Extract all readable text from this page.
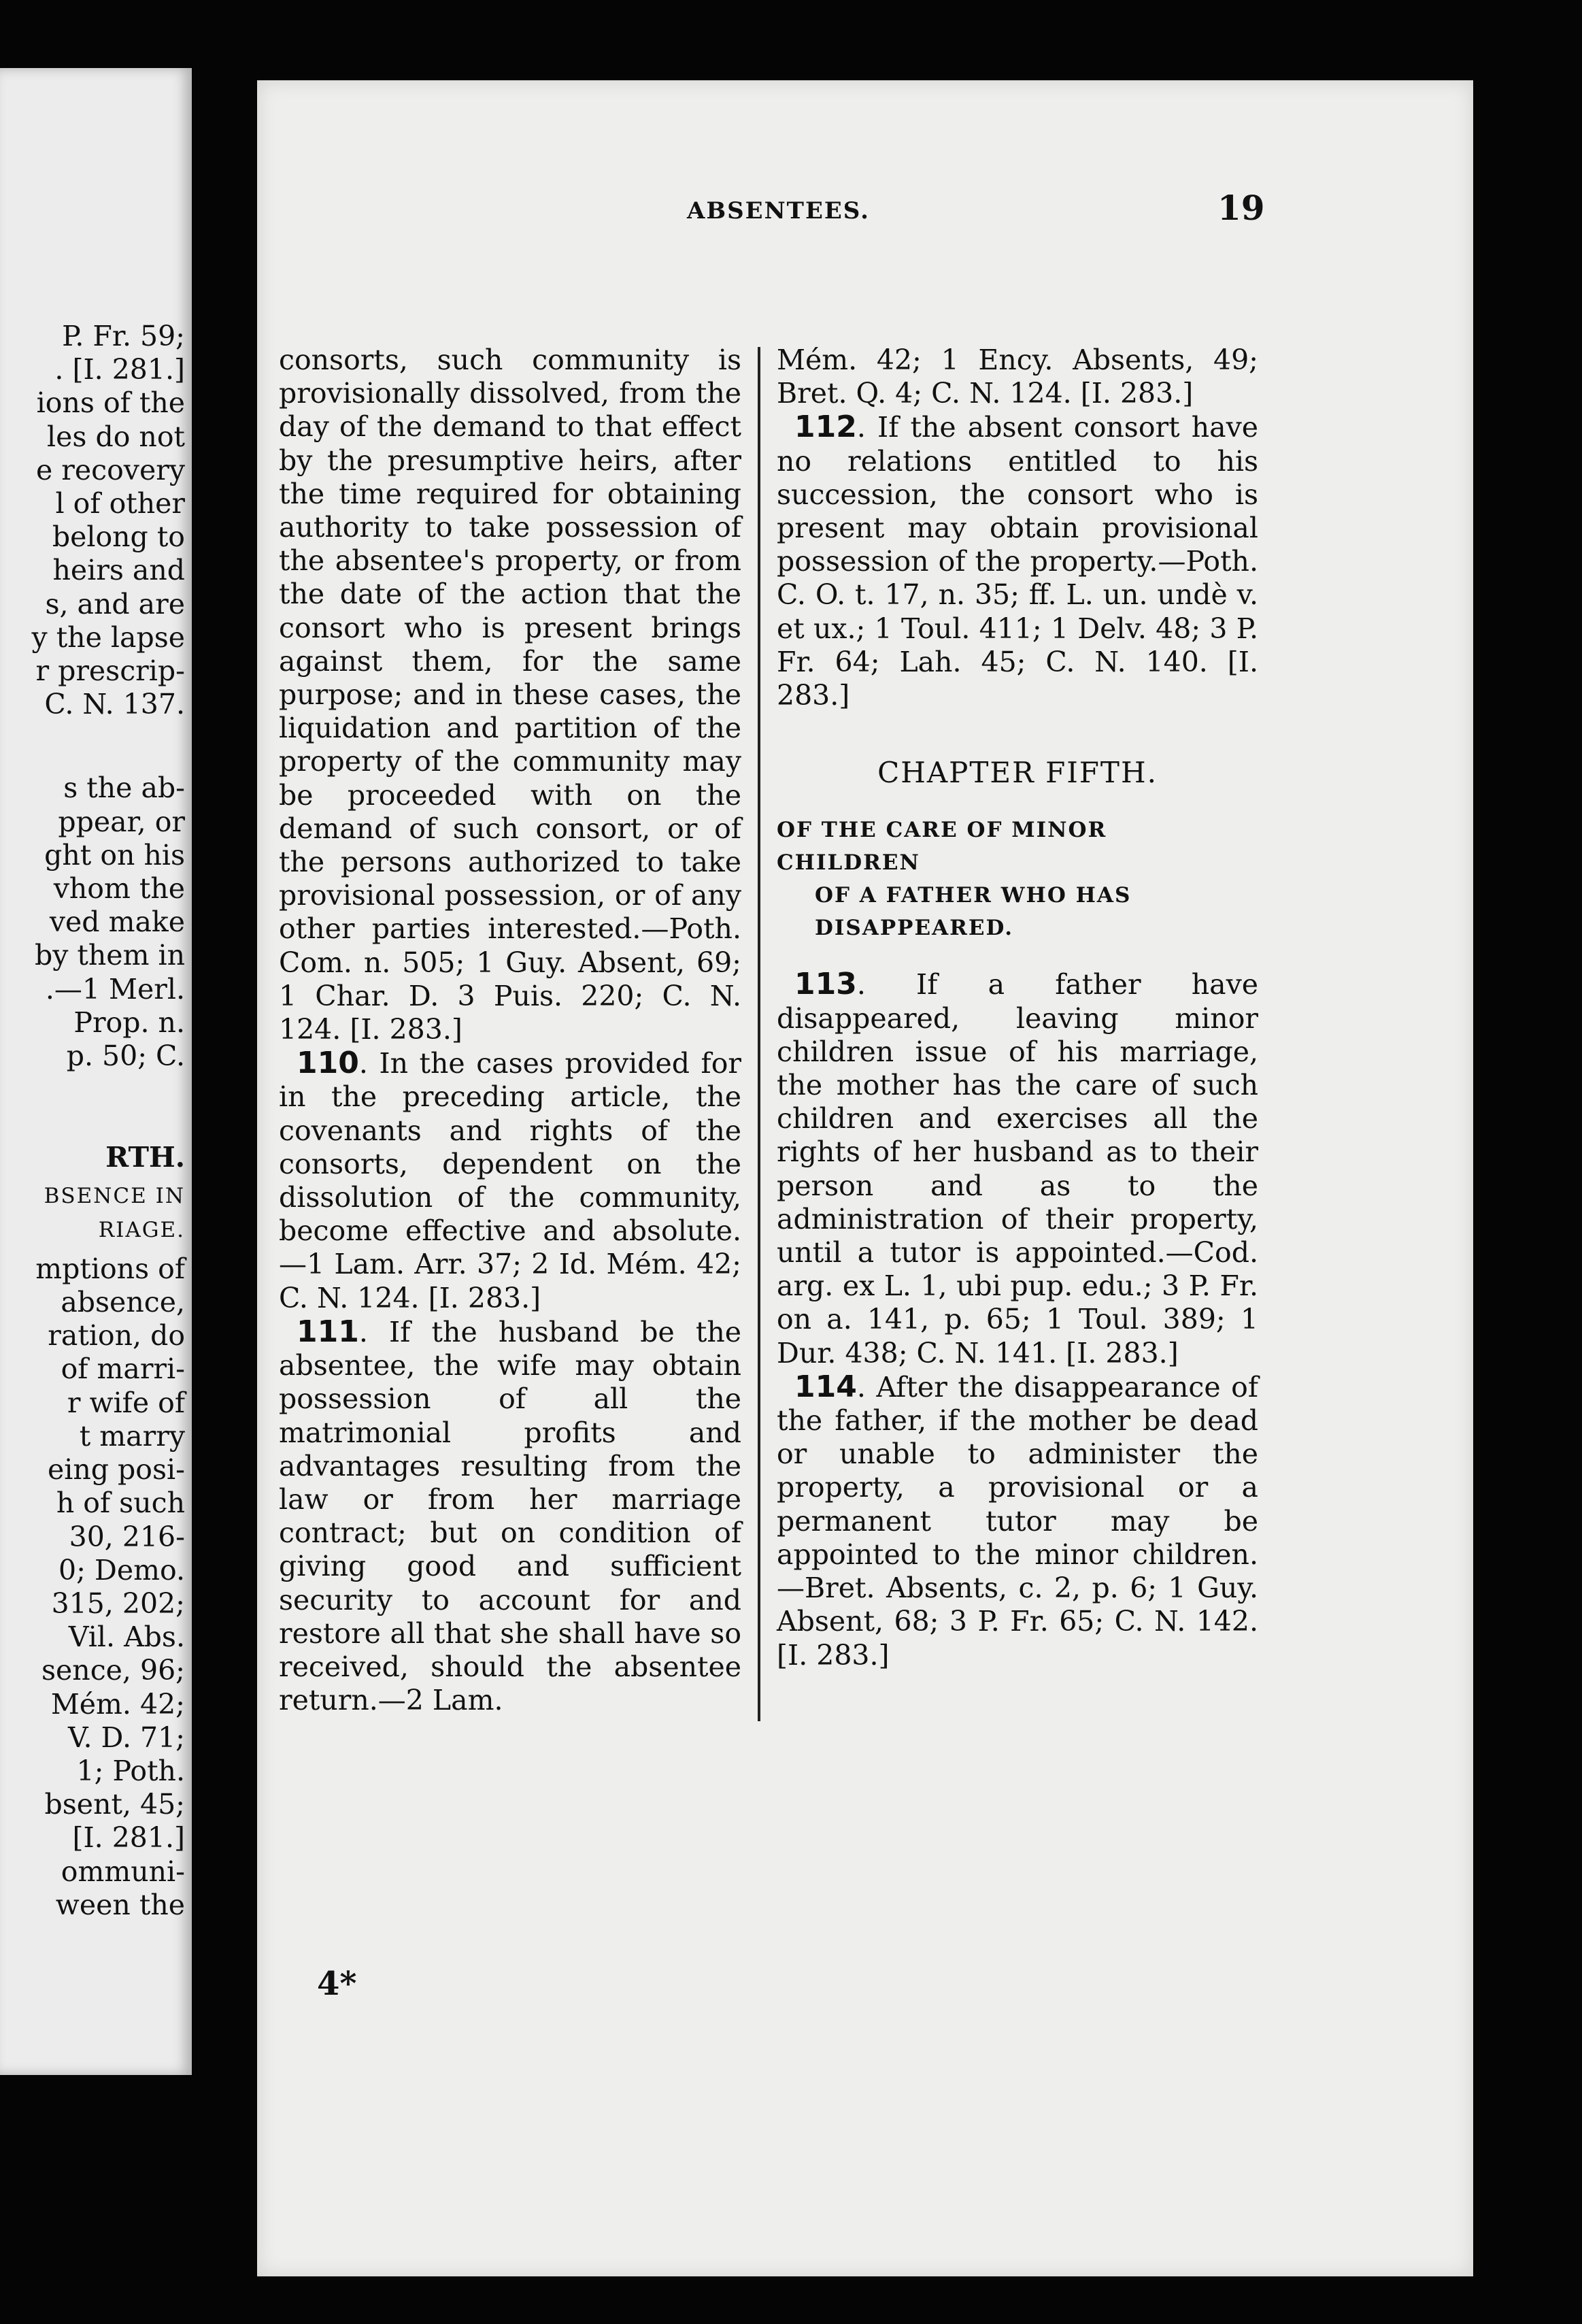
P. Fr. 59;
. [I. 281.]
ions of the
les do not
e recovery
l of other
belong to
heirs and
s, and are
y the lapse
r prescrip-
C. N. 137.
s the ab-
ppear, or
ght on his
vhom the
ved make
by them in
.—1 Merl.
Prop. n.
p. 50; C.
RTH.
BSENCE IN
RIAGE.
mptions of
absence,
ration, do
of marri-
r wife of
t marry
eing posi-
h of such
30, 216-
0; Demo.
315, 202;
Vil. Abs.
sence, 96;
Mém. 42;
V. D. 71;
1; Poth.
bsent, 45;
[I. 281.]
ommuni-
ween the
ABSENTEES.	19

consorts, such community is provisionally dissolved, from the day of the demand to that effect by the presumptive heirs, after the time required for obtaining authority to take possession of the absentee's property, or from the date of the action that the consort who is present brings against them, for the same purpose; and in these cases, the liquidation and partition of the property of the community may be proceeded with on the demand of such consort, or of the persons authorized to take provisional possession, or of any other parties interested.—Poth. Com. n. 505; 1 Guy. Absent, 69; 1 Char. D. 3 Puis. 220; C. N. 124. [I. 283.]

110. In the cases provided for in the preceding article, the covenants and rights of the consorts, dependent on the dissolution of the community, become effective and absolute. —1 Lam. Arr. 37; 2 Id. Mém. 42; C. N. 124. [I. 283.]

111. If the husband be the absentee, the wife may obtain possession of all the matrimonial profits and advantages resulting from the law or from her marriage contract; but on condition of giving good and sufficient security to account for and restore all that she shall have so received, should the absentee return.—2 Lam.

Mém. 42; 1 Ency. Absents, 49; Bret. Q. 4; C. N. 124. [I. 283.]

112. If the absent consort have no relations entitled to his succession, the consort who is present may obtain provisional possession of the property.—Poth. C. O. t. 17, n. 35; ff. L. un. undè v. et ux.; 1 Toul. 411; 1 Delv. 48; 3 P. Fr. 64; Lah. 45; C. N. 140. [I. 283.]

CHAPTER FIFTH.
OF THE CARE OF MINOR CHILDREN
OF A FATHER WHO HAS DISAPPEARED.

113. If a father have disappeared, leaving minor children issue of his marriage, the mother has the care of such children and exercises all the rights of her husband as to their person and as to the administration of their property, until a tutor is appointed.—Cod. arg. ex L. 1, ubi pup. edu.; 3 P. Fr. on a. 141, p. 65; 1 Toul. 389; 1 Dur. 438; C. N. 141. [I. 283.]

114. After the disappearance of the father, if the mother be dead or unable to administer the property, a provisional or a permanent tutor may be appointed to the minor children. —Bret. Absents, c. 2, p. 6; 1 Guy. Absent, 68; 3 P. Fr. 65; C. N. 142. [I. 283.]

4*
